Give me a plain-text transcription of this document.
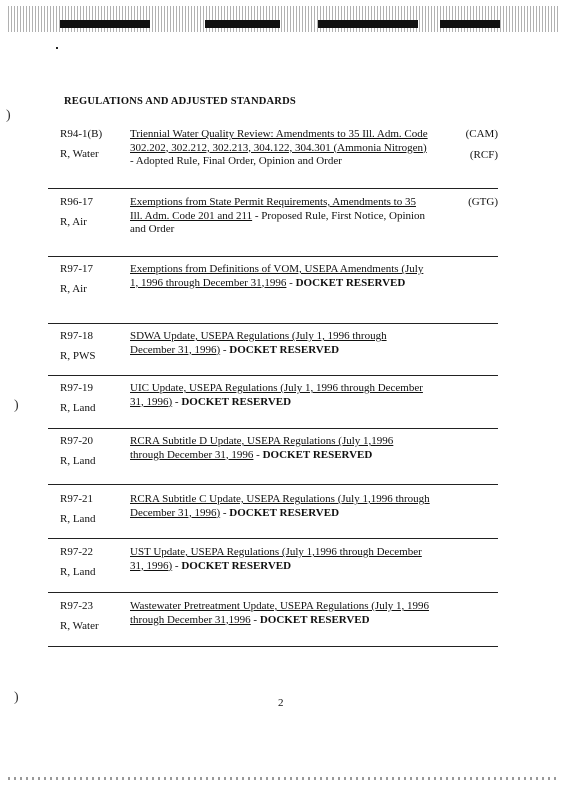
)
)
)
REGULATIONS AND ADJUSTED STANDARDS
R94-1(B)
R, Water
Triennial Water Quality Review: Amendments to 35 Ill. Adm. Code 302.202, 302.212, 302.213, 304.122, 304.301 (Ammonia Nitrogen) - Adopted Rule, Final Order, Opinion and Order
(CAM)
(RCF)
R96-17
R, Air
Exemptions from State Permit Requirements, Amendments to 35 Ill. Adm. Code 201 and 211 - Proposed Rule, First Notice, Opinion and Order
(GTG)
R97-17
R, Air
Exemptions from Definitions of VOM, USEPA Amendments (July 1, 1996 through December 31,1996 - DOCKET RESERVED
R97-18
R, PWS
SDWA Update, USEPA Regulations (July 1, 1996 through December 31, 1996) - DOCKET RESERVED
R97-19
R, Land
UIC Update, USEPA Regulations (July 1, 1996 through December 31, 1996) - DOCKET RESERVED
R97-20
R, Land
RCRA Subtitle D Update, USEPA Regulations (July 1,1996 through December 31, 1996 - DOCKET RESERVED
R97-21
R, Land
RCRA Subtitle C Update, USEPA Regulations (July 1,1996 through December 31, 1996) - DOCKET RESERVED
R97-22
R, Land
UST Update, USEPA Regulations (July 1,1996 through December 31, 1996) - DOCKET RESERVED
R97-23
R, Water
Wastewater Pretreatment Update, USEPA Regulations (July 1, 1996 through December 31,1996 - DOCKET RESERVED
2
